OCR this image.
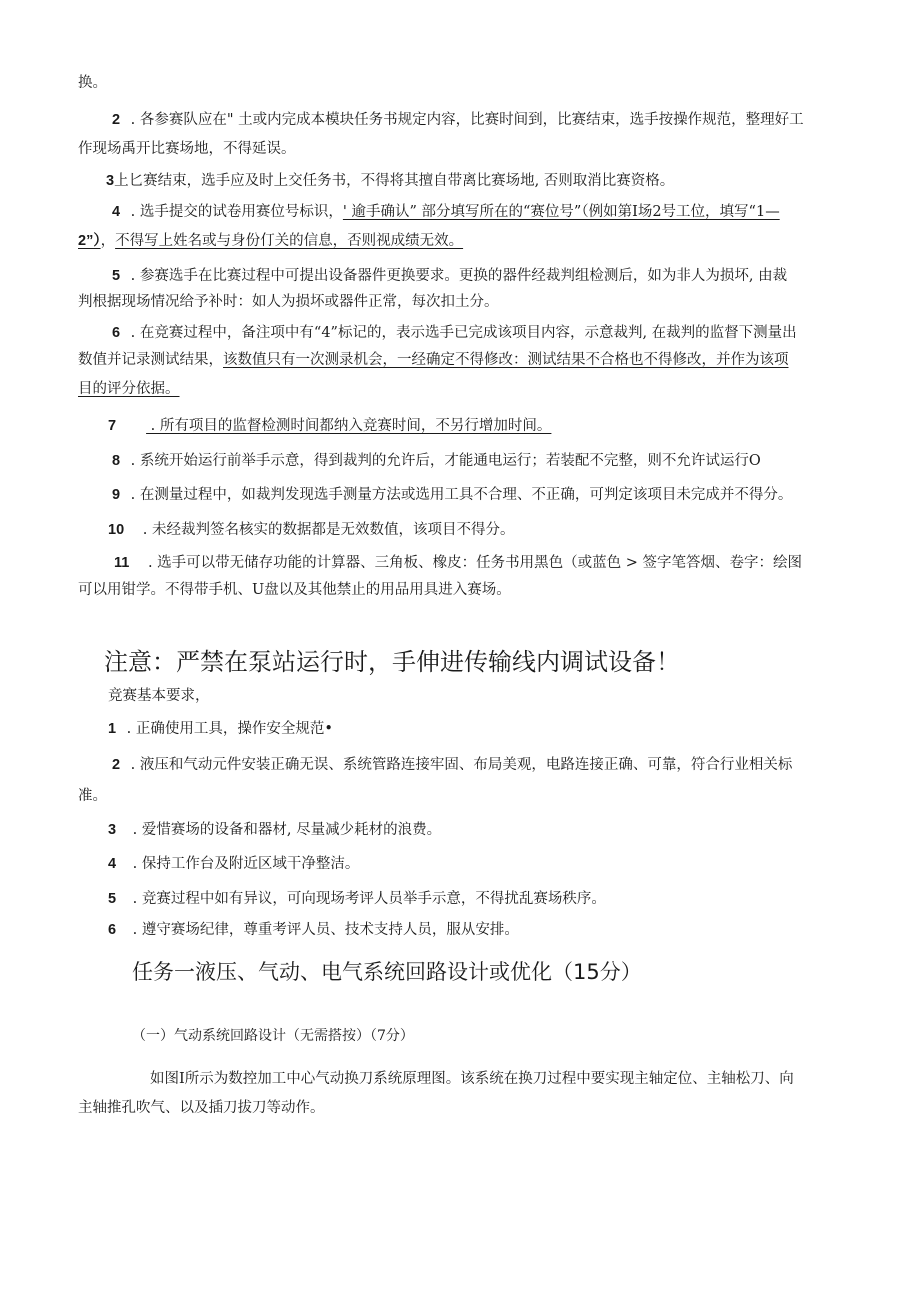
换。
2 . 各参赛队应在" 土或内完成本模块任务书规定内容，比赛时间到，比赛结束，选手按操作规范，整理好工
作现场禹开比赛场地，不得延误。
3上匕赛结束，选手应及时上交任务书，不得将其擅自带离比赛场地, 否则取消比赛资格。
4 . 选手提交的试卷用赛位号标识，' 逾手确认” 部分填写所在的“赛位号”（例如第I场2号工位，填写“1—
2”），不得写上姓名或与身份仃关的信息，否则视成绩无效。
5 . 参赛选手在比赛过程中可提出设备器件更换要求。更换的器件经裁判组检测后，如为非人为损坏, 由裁
判根据现场情况给予补时：如人为损坏或器件正常，每次扣土分。
6 . 在竞赛过程中，备注项中有“4”标记的，表示选手已完成该项目内容，示意裁判, 在裁判的监督下测量出
数值并记录测试结果，该数值只有一次测录机会，一经确定不得修改：测试结果不合格也不得修改，并作为该项
目的评分依据。
7 . 所有项目的监督检测时间都纳入竞赛时间，不另行增加时间。
8 . 系统开始运行前举手示意，得到裁判的允许后，才能通电运行；若装配不完整，则不允许试运行O
9 . 在测量过程中，如裁判发现选手测量方法或选用工具不合理、不正确，可判定该项目未完成并不得分。
10 . 未经裁判签名核实的数据都是无效数值，该项目不得分。
11 . 选手可以带无储存功能的计算器、三角板、橡皮：任务书用黑色（或蓝色 > 签字笔答烟、卷字：绘图
可以用钳学。不得带手机、U盘以及其他禁止的用品用具进入赛场。
注意：严禁在泵站运行时，手伸进传输线内调试设备！
竞赛基本要求，
1 . 正确使用工具，操作安全规范•
2 . 液压和气动元件安装正确无误、系统管路连接牢固、布局美观，电路连接正确、可靠，符合行业相关标
准。
3 . 爱惜赛场的设备和器材, 尽量减少耗材的浪费。
4 . 保持工作台及附近区域干净整洁。
5 . 竞赛过程中如有异议，可向现场考评人员举手示意，不得扰乱赛场秩序。
6 . 遵守赛场纪律，尊重考评人员、技术支持人员，服从安排。
任务一液压、气动、电气系统回路设计或优化（15分）
（一）气动系统回路设计（无需搭按）（7分）
如图I所示为数控加工中心气动换刀系统原理图。该系统在换刀过程中要实现主轴定位、主轴松刀、向
主轴推孔吹气、以及插刀拔刀等动作。
